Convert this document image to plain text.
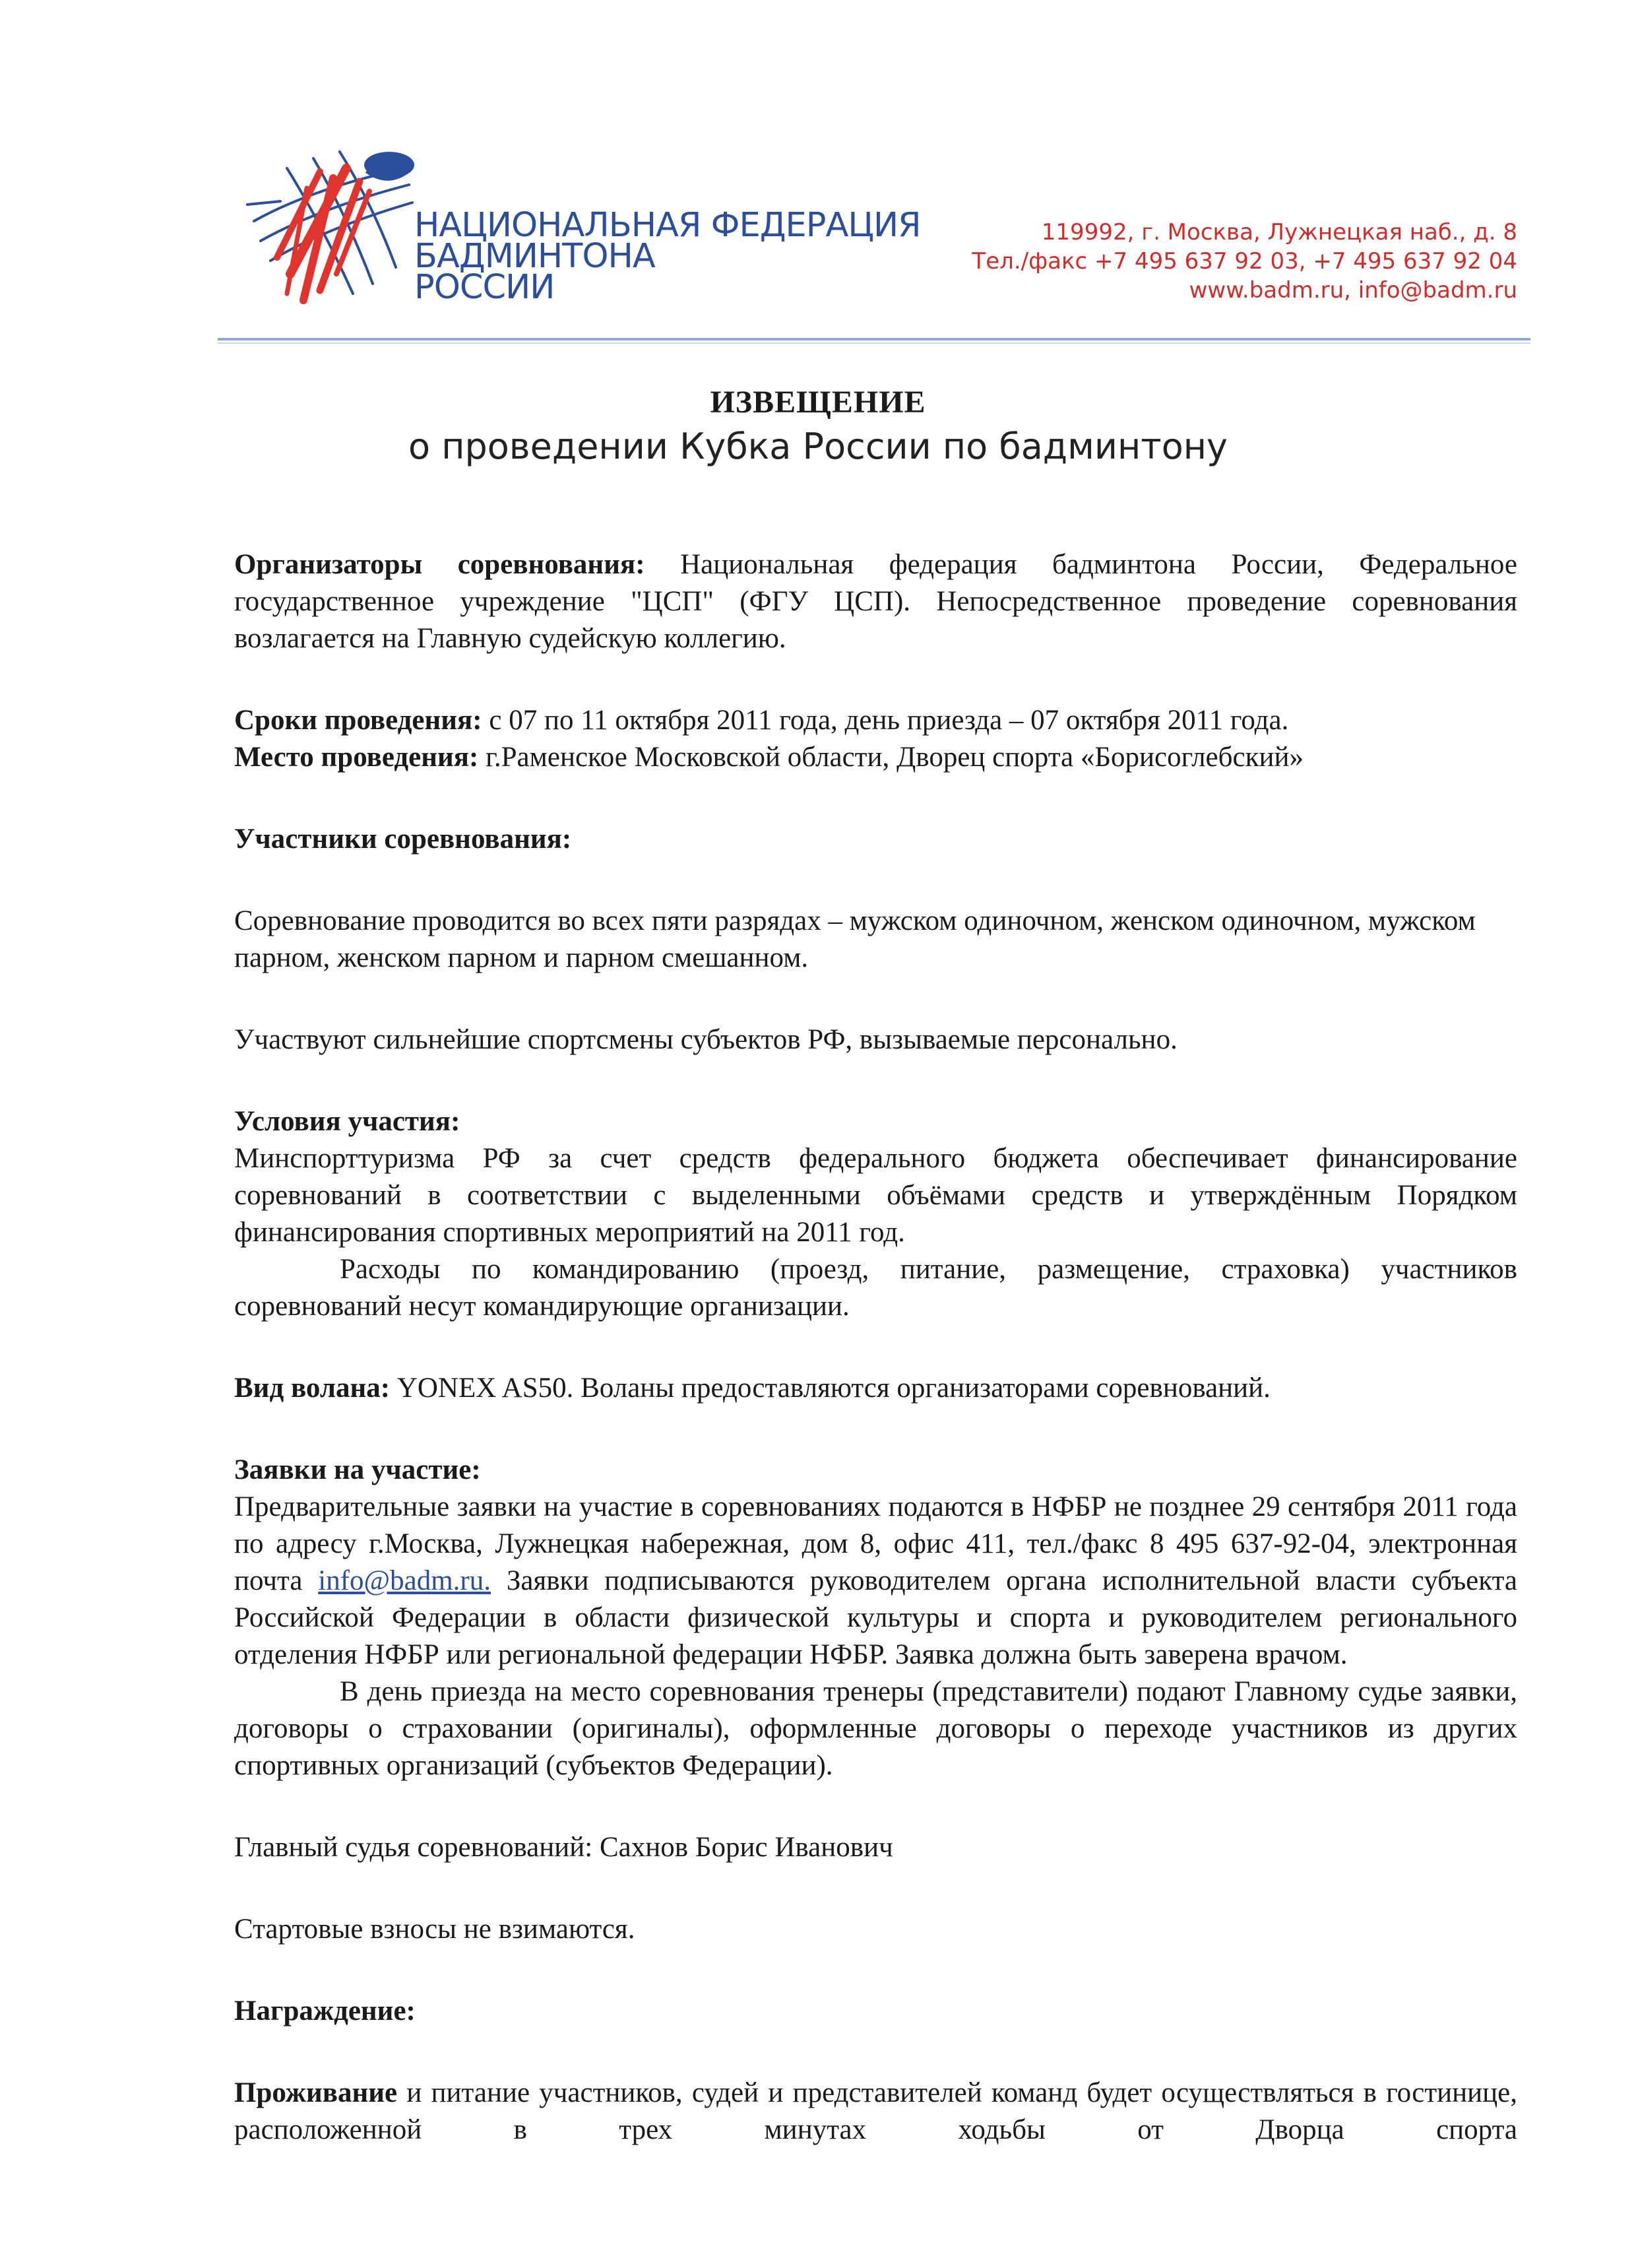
НАЦИОНАЛЬНАЯ ФЕДЕРАЦИЯ
БАДМИНТОНА
РОССИИ
119992, г. Москва, Лужнецкая наб., д. 8
Тел./факс +7 495 637 92 03, +7 495 637 92 04
www.badm.ru, info@badm.ru
ИЗВЕЩЕНИЕ
о проведении Кубка России по бадминтону

Организаторы соревнования: Национальная федерация бадминтона России, Федеральное государственное учреждение "ЦСП" (ФГУ ЦСП). Непосредственное проведение соревнования возлагается на Главную судейскую коллегию.

Сроки проведения: с 07 по 11 октября 2011 года, день приезда – 07 октября 2011 года.

Место проведения: г.Раменское Московской области, Дворец спорта «Борисоглебский»

Участники соревнования:

Соревнование проводится во всех пяти разрядах – мужском одиночном, женском одиночном, мужском парном, женском парном и парном смешанном.

Участвуют сильнейшие спортсмены субъектов РФ, вызываемые персонально.

Условия участия:

Минспорттуризма РФ за счет средств федерального бюджета обеспечивает финансирование соревнований в соответствии с выделенными объёмами средств и утверждённым Порядком финансирования спортивных мероприятий на 2011 год.

Расходы по командированию (проезд, питание, размещение, страховка) участников соревнований несут командирующие организации.

Вид волана: YONEX AS50. Воланы предоставляются организаторами соревнований.

Заявки на участие:

Предварительные заявки на участие в соревнованиях подаются в НФБР не позднее 29 сентября 2011 года по адресу г.Москва, Лужнецкая набережная, дом 8, офис 411, тел./факс 8 495 637-92-04, электронная почта info@badm.ru. Заявки подписываются руководителем органа исполнительной власти субъекта Российской Федерации в области физической культуры и спорта и руководителем регионального отделения НФБР или региональной федерации НФБР. Заявка должна быть заверена врачом.

В день приезда на место соревнования тренеры (представители) подают Главному судье заявки, договоры о страховании (оригиналы), оформленные договоры о переходе участников из других спортивных организаций (субъектов Федерации).

Главный судья соревнований: Сахнов Борис Иванович

Стартовые взносы не взимаются.

Награждение:

Проживание и питание участников, судей и представителей команд будет осуществляться в гостинице, расположенной в трех минутах ходьбы от Дворца спорта
